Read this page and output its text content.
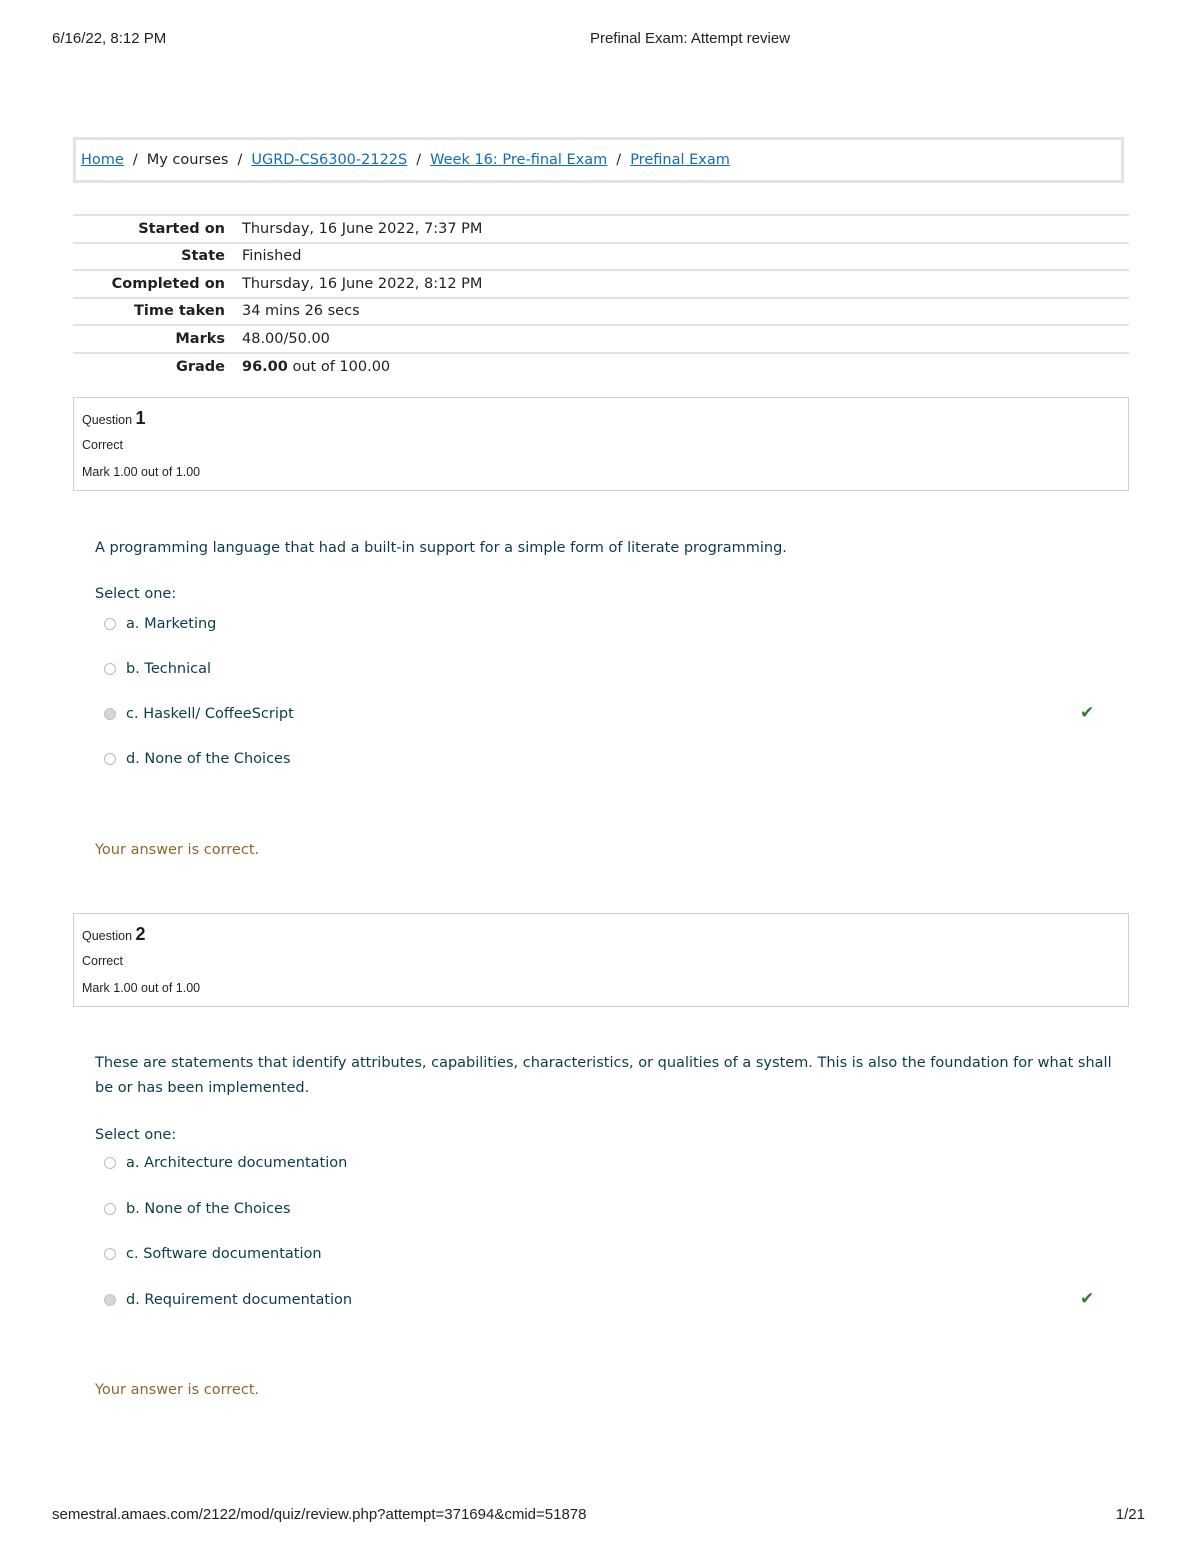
6/16/22, 8:12 PM	Prefinal Exam: Attempt review
Home / My courses / UGRD-CS6300-2122S / Week 16: Pre-final Exam / Prefinal Exam
Started on	Thursday, 16 June 2022, 7:37 PM
State	Finished
Completed on	Thursday, 16 June 2022, 8:12 PM
Time taken	34 mins 26 secs
Marks	48.00/50.00
Grade	96.00 out of 100.00
Question 1
Correct
Mark 1.00 out of 1.00
A programming language that had a built-in support for a simple form of literate programming.
Select one:
a. Marketing
b. Technical
c. Haskell/ CoffeeScript	✔
d. None of the Choices
Your answer is correct.
Question 2
Correct
Mark 1.00 out of 1.00
These are statements that identify attributes, capabilities, characteristics, or qualities of a system. This is also the foundation for what shall be or has been implemented.
Select one:
a. Architecture documentation
b. None of the Choices
c. Software documentation
d. Requirement documentation	✔
Your answer is correct.
semestral.amaes.com/2122/mod/quiz/review.php?attempt=371694&cmid=51878	1/21
